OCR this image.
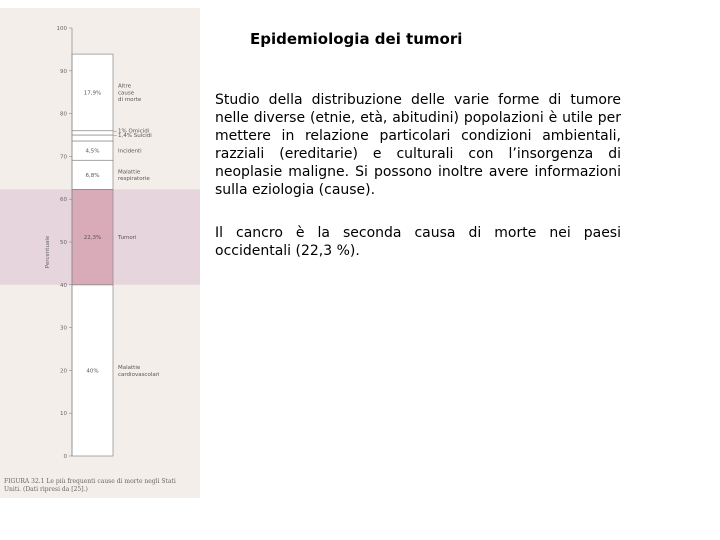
0
10
20
30
40
50
60
70
80
90
100
Percentuale
40%
Malattie
cardiovascolari
22,3%	Tumori
6,8%
Malattie
respiratorie
4,5%	Incidenti
1,4% Suicidi
1% Omicidi
17,9%
Altre
cause
di morte
FIGURA 32.1 Le più frequenti cause di morte negli Stati
Uniti. (Dati ripresi da [25].)
Epidemiologia dei tumori

Studio della distribuzione delle varie forme di tumore nelle diverse (etnie, età, abitudini) popolazioni è utile per mettere in relazione particolari condizioni ambientali, razziali (ereditarie) e culturali con l’insorgenza di neoplasie maligne. Si possono inoltre avere informazioni sulla eziologia (cause).

Il cancro è la seconda causa di morte nei paesi occidentali (22,3 %).
